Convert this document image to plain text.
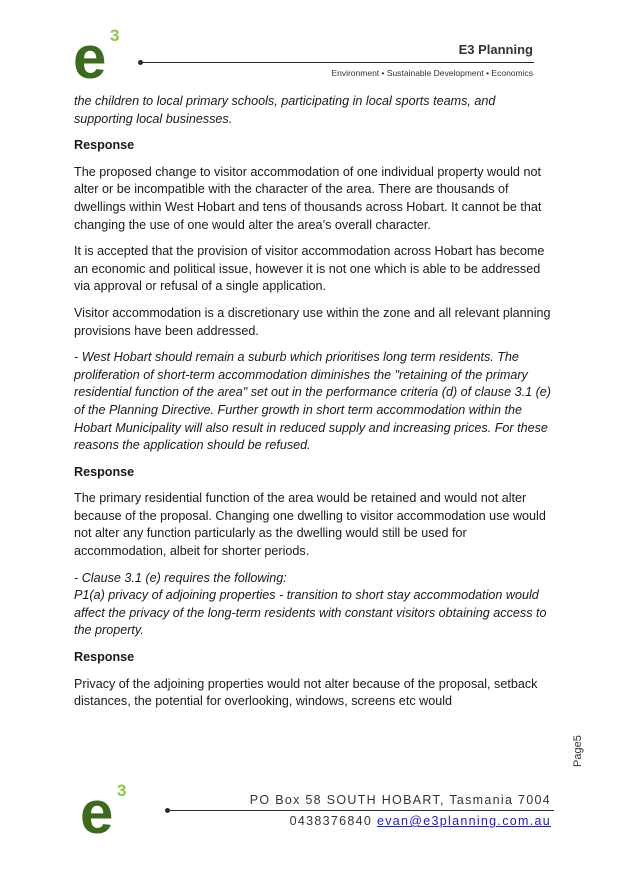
e 3
E3 Planning
Environment • Sustainable Development • Economics

the children to local primary schools, participating in local sports teams, and supporting local businesses.

Response

The proposed change to visitor accommodation of one individual property would not alter or be incompatible with the character of the area. There are thousands of dwellings within West Hobart and tens of thousands across Hobart. It cannot be that changing the use of one would alter the area’s overall character.

It is accepted that the provision of visitor accommodation across Hobart has become an economic and political issue, however it is not one which is able to be addressed via approval or refusal of a single application.

Visitor accommodation is a discretionary use within the zone and all relevant planning provisions have been addressed.

- West Hobart should remain a suburb which prioritises long term residents. The proliferation of short-term accommodation diminishes the "retaining of the primary residential function of the area" set out in the performance criteria (d) of clause 3.1 (e) of the Planning Directive. Further growth in short term accommodation within the Hobart Municipality will also result in reduced supply and increasing prices. For these reasons the application should be refused.

Response

The primary residential function of the area would be retained and would not alter because of the proposal. Changing one dwelling to visitor accommodation use would not alter any function particularly as the dwelling would still be used for accommodation, albeit for shorter periods.

- Clause 3.1 (e) requires the following:
P1(a) privacy of adjoining properties - transition to short stay accommodation would affect the privacy of the long-term residents with constant visitors obtaining access to the property.

Response

Privacy of the adjoining properties would not alter because of the proposal, setback distances, the potential for overlooking, windows, screens etc would

Page5
e 3	PO Box 58 SOUTH HOBART, Tasmania 7004
0438376840 evan@e3planning.com.au
